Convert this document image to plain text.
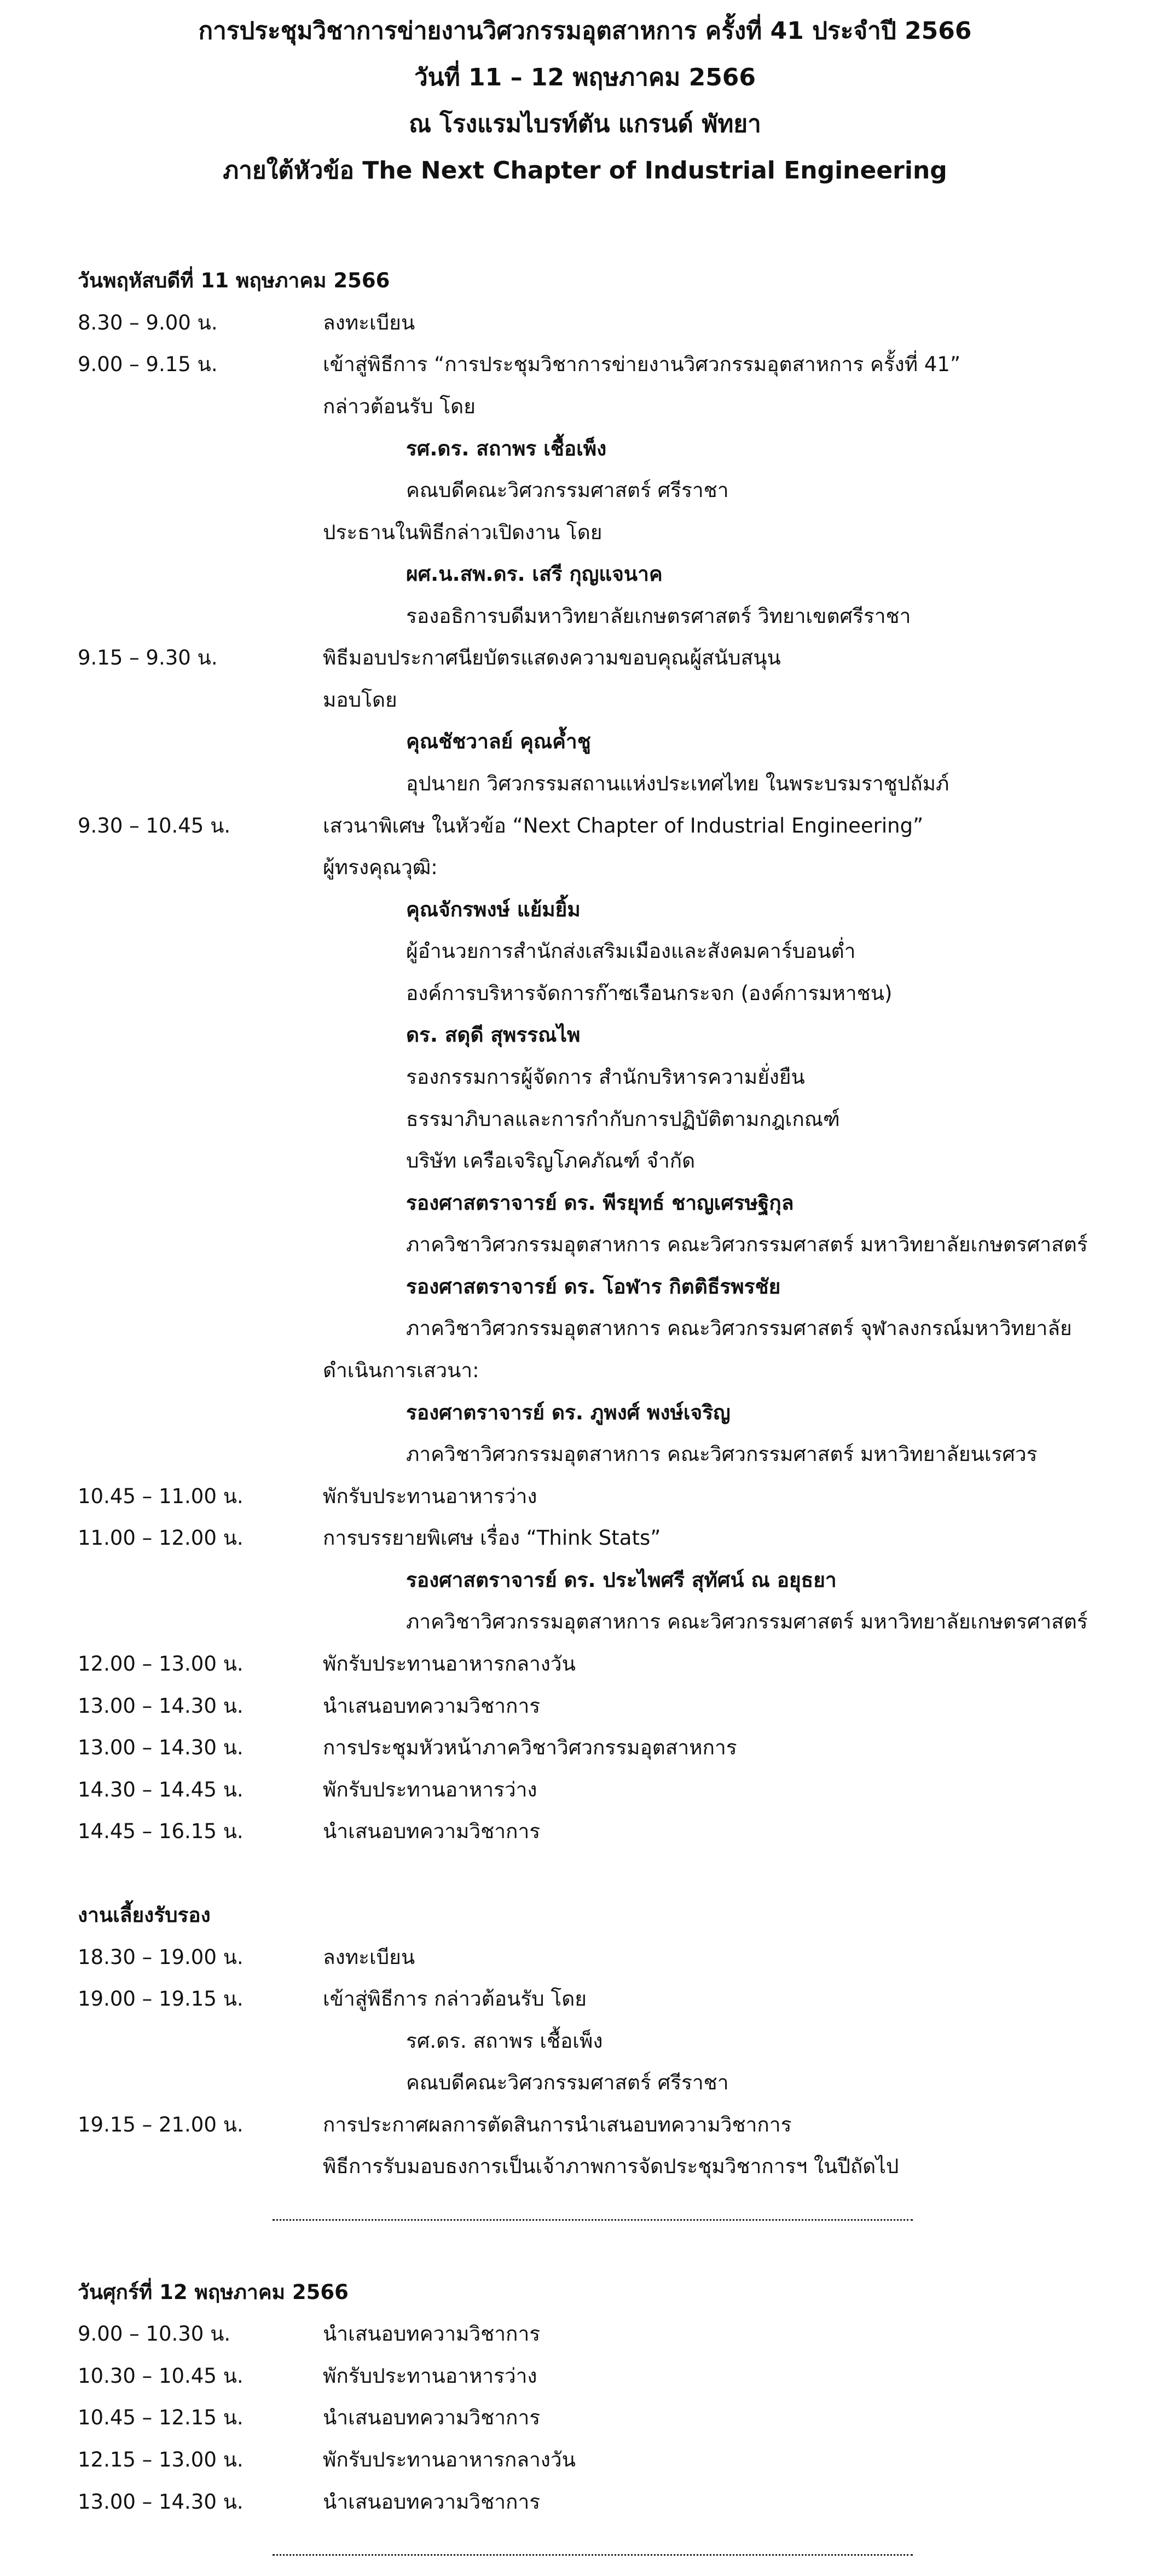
การประชุมวิชาการข่ายงานวิศวกรรมอุตสาหการ ครั้งที่ 41 ประจำปี 2566
วันที่ 11 – 12 พฤษภาคม 2566
ณ โรงแรมไบรท์ตัน แกรนด์ พัทยา
ภายใต้หัวข้อ The Next Chapter of Industrial Engineering
วันพฤหัสบดีที่ 11 พฤษภาคม 2566
8.30 – 9.00 น.	ลงทะเบียน
9.00 – 9.15 น.	เข้าสู่พิธีการ “การประชุมวิชาการข่ายงานวิศวกรรมอุตสาหการ ครั้งที่ 41”
กล่าวต้อนรับ โดย
รศ.ดร. สถาพร เชื้อเพ็ง
คณบดีคณะวิศวกรรมศาสตร์ ศรีราชา
ประธานในพิธีกล่าวเปิดงาน โดย
ผศ.น.สพ.ดร. เสรี กุญแจนาค
รองอธิการบดีมหาวิทยาลัยเกษตรศาสตร์ วิทยาเขตศรีราชา
9.15 – 9.30 น.	พิธีมอบประกาศนียบัตรแสดงความขอบคุณผู้สนับสนุน
มอบโดย
คุณชัชวาลย์ คุณค้ำชู
อุปนายก วิศวกรรมสถานแห่งประเทศไทย ในพระบรมราชูปถัมภ์
9.30 – 10.45 น.	เสวนาพิเศษ ในหัวข้อ “Next Chapter of Industrial Engineering”
ผู้ทรงคุณวุฒิ:
คุณจักรพงษ์ แย้มยิ้ม
ผู้อำนวยการสำนักส่งเสริมเมืองและสังคมคาร์บอนต่ำ
องค์การบริหารจัดการก๊าซเรือนกระจก (องค์การมหาชน)
ดร. สดุดี สุพรรณไพ
รองกรรมการผู้จัดการ สำนักบริหารความยั่งยืน
ธรรมาภิบาลและการกำกับการปฏิบัติตามกฎเกณฑ์
บริษัท เครือเจริญโภคภัณฑ์ จำกัด
รองศาสตราจารย์ ดร. พีรยุทธ์ ชาญเศรษฐิกุล
ภาควิชาวิศวกรรมอุตสาหการ คณะวิศวกรรมศาสตร์ มหาวิทยาลัยเกษตรศาสตร์
รองศาสตราจารย์ ดร. โอฬาร กิตติธีรพรชัย
ภาควิชาวิศวกรรมอุตสาหการ คณะวิศวกรรมศาสตร์ จุฬาลงกรณ์มหาวิทยาลัย
ดำเนินการเสวนา:
รองศาตราจารย์ ดร. ภูพงศ์ พงษ์เจริญ
ภาควิชาวิศวกรรมอุตสาหการ คณะวิศวกรรมศาสตร์ มหาวิทยาลัยนเรศวร
10.45 – 11.00 น.	พักรับประทานอาหารว่าง
11.00 – 12.00 น.	การบรรยายพิเศษ เรื่อง “Think Stats”
รองศาสตราจารย์ ดร. ประไพศรี สุทัศน์ ณ อยุธยา
ภาควิชาวิศวกรรมอุตสาหการ คณะวิศวกรรมศาสตร์ มหาวิทยาลัยเกษตรศาสตร์
12.00 – 13.00 น.	พักรับประทานอาหารกลางวัน
13.00 – 14.30 น.	นำเสนอบทความวิชาการ
13.00 – 14.30 น.	การประชุมหัวหน้าภาควิชาวิศวกรรมอุตสาหการ
14.30 – 14.45 น.	พักรับประทานอาหารว่าง
14.45 – 16.15 น.	นำเสนอบทความวิชาการ
งานเลี้ยงรับรอง
18.30 – 19.00 น.	ลงทะเบียน
19.00 – 19.15 น.	เข้าสู่พิธีการ กล่าวต้อนรับ โดย
รศ.ดร. สถาพร เชื้อเพ็ง
คณบดีคณะวิศวกรรมศาสตร์ ศรีราชา
19.15 – 21.00 น.	การประกาศผลการตัดสินการนำเสนอบทความวิชาการ
พิธีการรับมอบธงการเป็นเจ้าภาพการจัดประชุมวิชาการฯ ในปีถัดไป
วันศุกร์ที่ 12 พฤษภาคม 2566
9.00 – 10.30 น.	นำเสนอบทความวิชาการ
10.30 – 10.45 น.	พักรับประทานอาหารว่าง
10.45 – 12.15 น.	นำเสนอบทความวิชาการ
12.15 – 13.00 น.	พักรับประทานอาหารกลางวัน
13.00 – 14.30 น.	นำเสนอบทความวิชาการ
